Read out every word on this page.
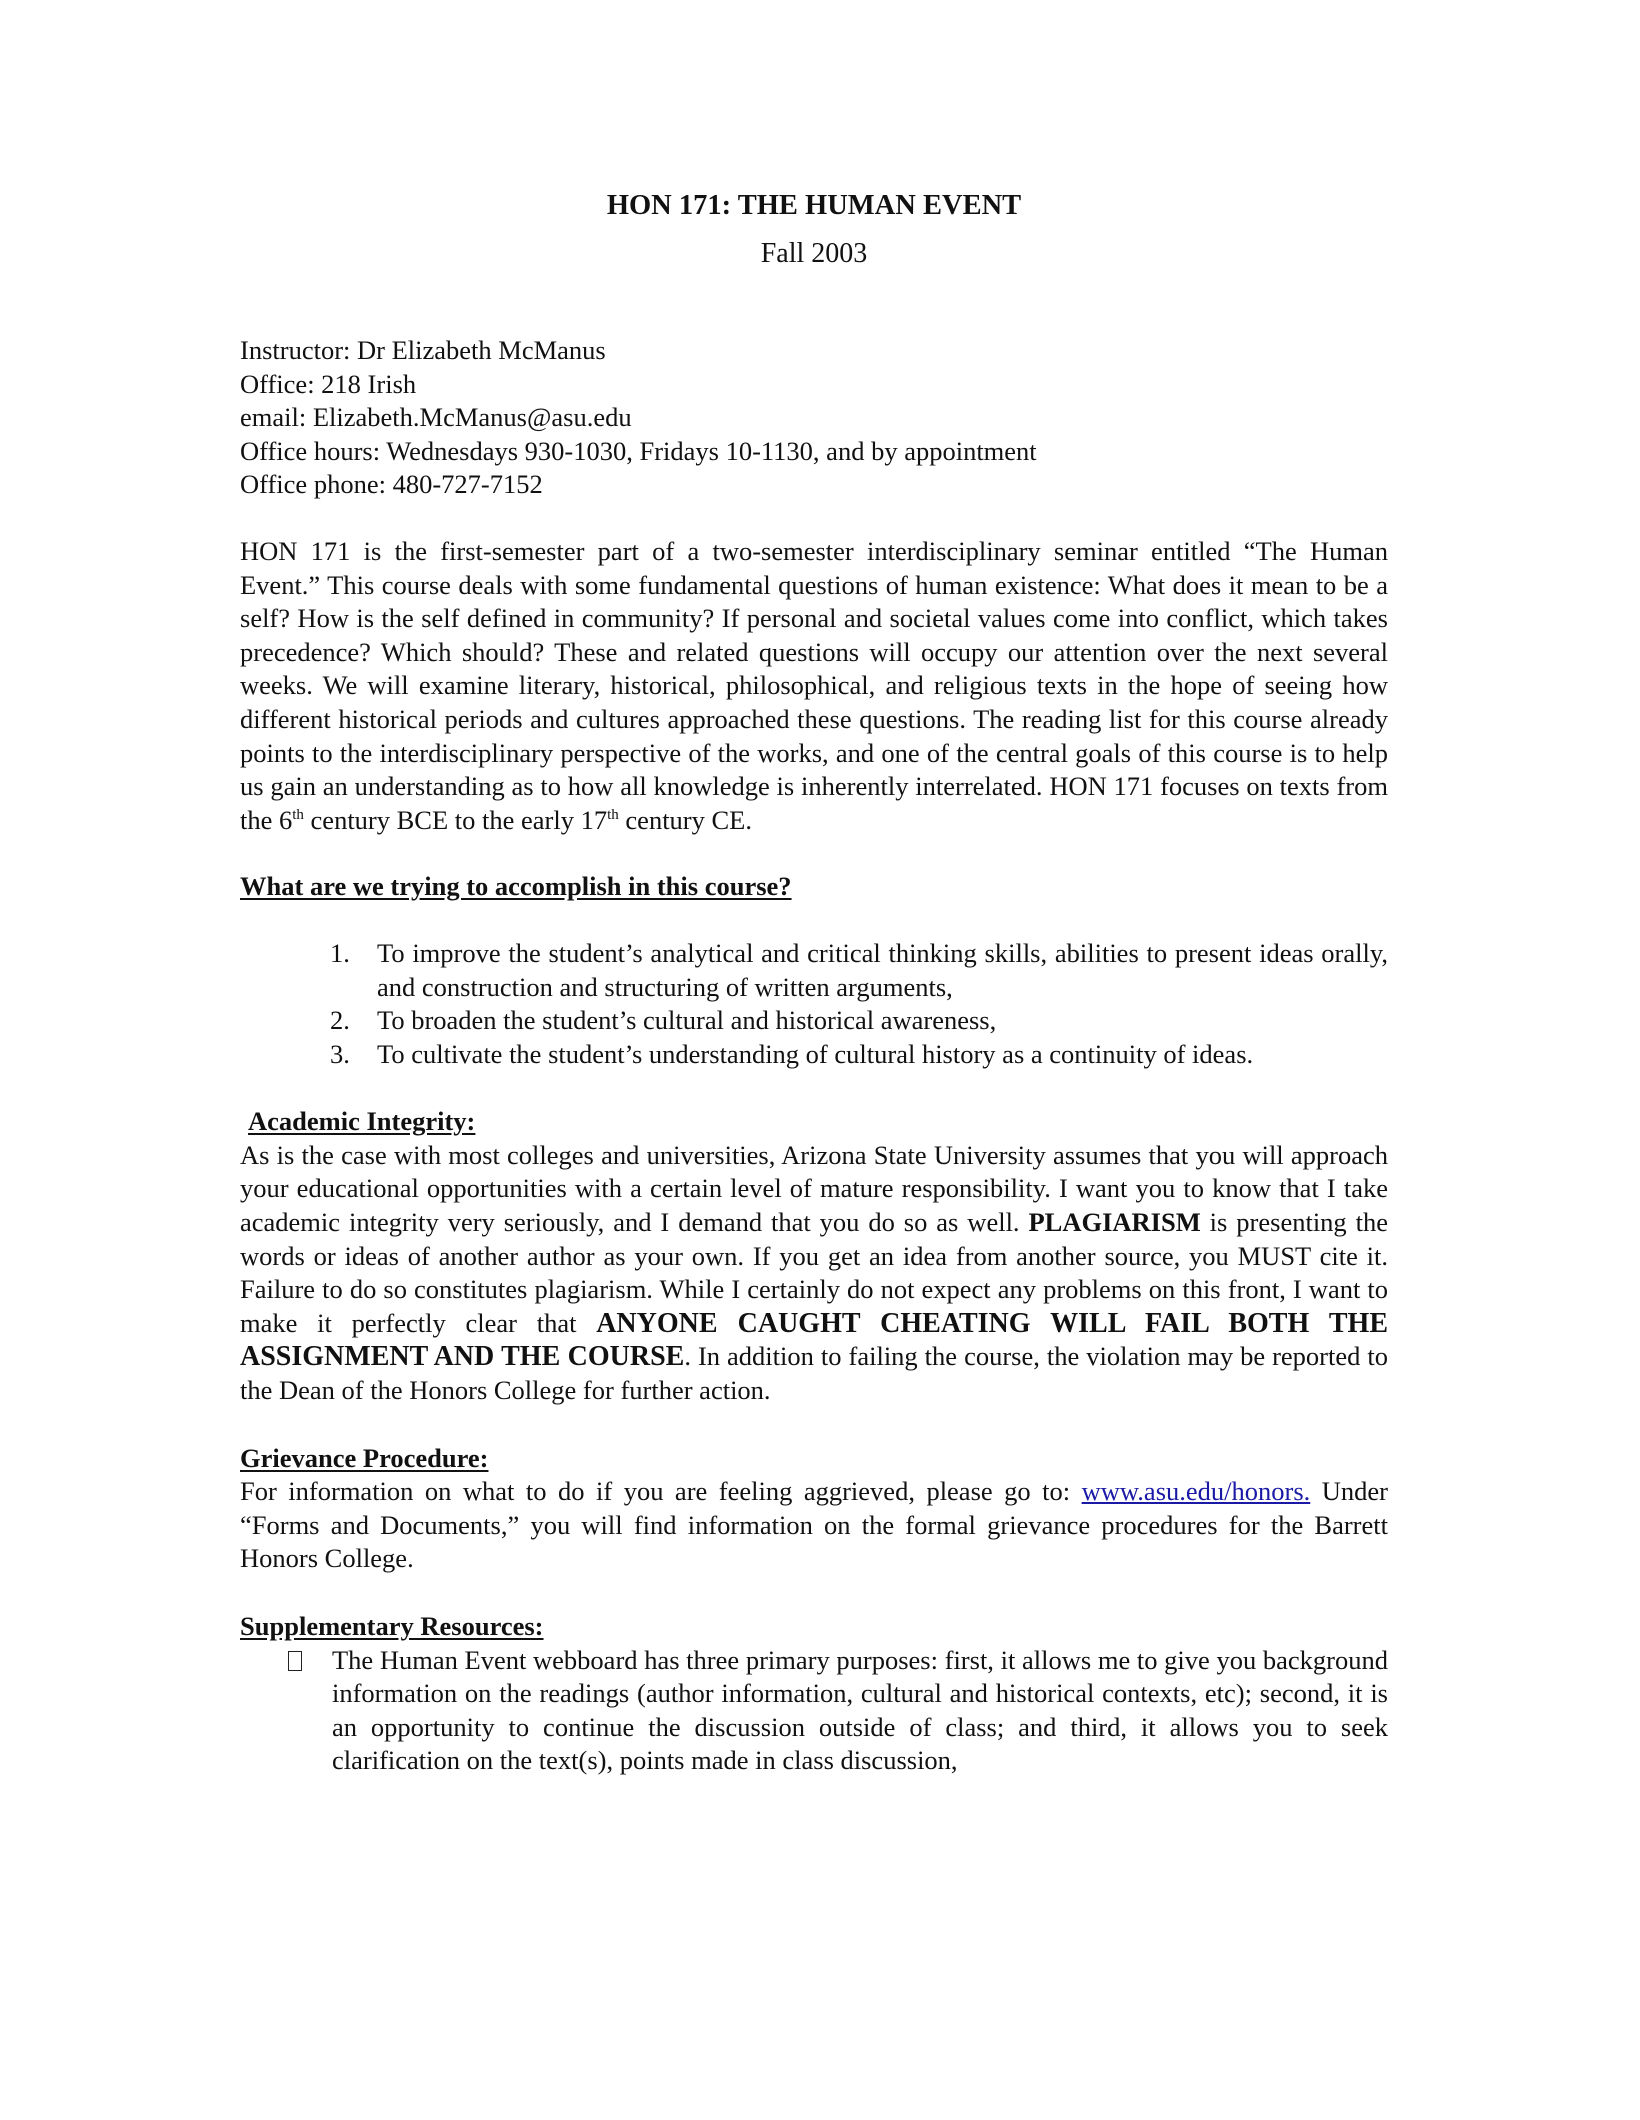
HON 171: THE HUMAN EVENT
Fall 2003
Instructor: Dr Elizabeth McManus
Office: 218 Irish
email: Elizabeth.McManus@asu.edu
Office hours: Wednesdays 930-1030, Fridays 10-1130, and by appointment
Office phone: 480-727-7152
HON 171 is the first-semester part of a two-semester interdisciplinary seminar entitled “The Human Event.” This course deals with some fundamental questions of human existence: What does it mean to be a self? How is the self defined in community? If personal and societal values come into conflict, which takes precedence? Which should? These and related questions will occupy our attention over the next several weeks. We will examine literary, historical, philosophical, and religious texts in the hope of seeing how different historical periods and cultures approached these questions. The reading list for this course already points to the interdisciplinary perspective of the works, and one of the central goals of this course is to help us gain an understanding as to how all knowledge is inherently interrelated. HON 171 focuses on texts from the 6th century BCE to the early 17th century CE.
What are we trying to accomplish in this course?
1.	To improve the student’s analytical and critical thinking skills, abilities to present ideas orally, and construction and structuring of written arguments,
2.	To broaden the student’s cultural and historical awareness,
3.	To cultivate the student’s understanding of cultural history as a continuity of ideas.
Academic Integrity:
As is the case with most colleges and universities, Arizona State University assumes that you will approach your educational opportunities with a certain level of mature responsibility. I want you to know that I take academic integrity very seriously, and I demand that you do so as well. PLAGIARISM is presenting the words or ideas of another author as your own. If you get an idea from another source, you MUST cite it. Failure to do so constitutes plagiarism. While I certainly do not expect any problems on this front, I want to make it perfectly clear that ANYONE CAUGHT CHEATING WILL FAIL BOTH THE ASSIGNMENT AND THE COURSE. In addition to failing the course, the violation may be reported to the Dean of the Honors College for further action.
Grievance Procedure:
For information on what to do if you are feeling aggrieved, please go to: www.asu.edu/honors. Under “Forms and Documents,” you will find information on the formal grievance procedures for the Barrett Honors College.
Supplementary Resources:
The Human Event webboard has three primary purposes: first, it allows me to give you background information on the readings (author information, cultural and historical contexts, etc); second, it is an opportunity to continue the discussion outside of class; and third, it allows you to seek clarification on the text(s), points made in class discussion,
